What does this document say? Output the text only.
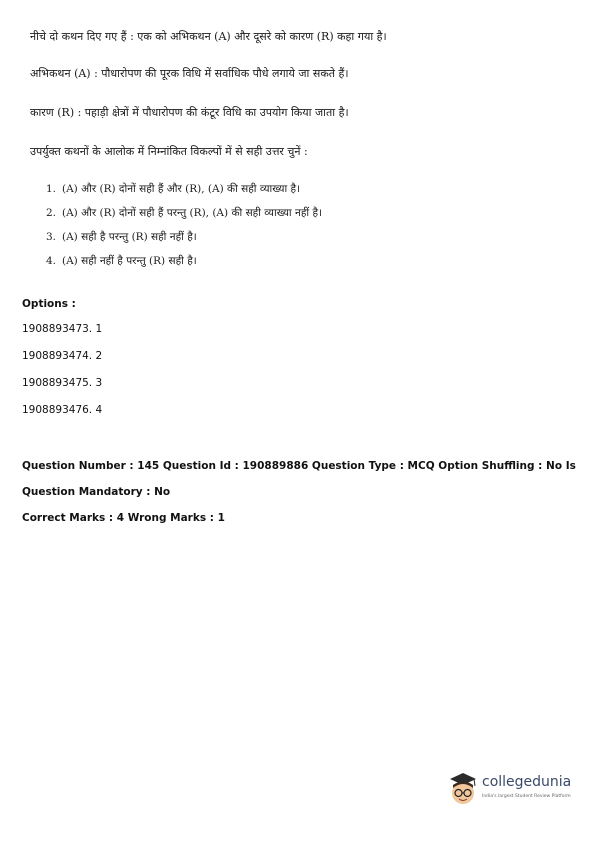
नीचे दो कथन दिए गए हैं : एक को अभिकथन (A) और दूसरे को कारण (R) कहा गया है।
अभिकथन (A) : पौधारोपण की पूरक विधि में सर्वाधिक पौधे लगाये जा सकते हैं।
कारण (R) : पहाड़ी क्षेत्रों में पौधारोपण की कंटूर विधि का उपयोग किया जाता है।
उपर्युक्त कथनों के आलोक में निम्नांकित विकल्पों में से सही उत्तर चुनें :
1. (A) और (R) दोनों सही हैं और (R), (A) की सही व्याख्या है।
2. (A) और (R) दोनों सही हैं परन्तु (R), (A) की सही व्याख्या नहीं है।
3. (A) सही है परन्तु (R) सही नहीं है।
4. (A) सही नहीं है परन्तु (R) सही है।
Options :
1908893473. 1
1908893474. 2
1908893475. 3
1908893476. 4
Question Number : 145 Question Id : 190889886 Question Type : MCQ Option Shuffling : No Is
Question Mandatory : No
Correct Marks : 4 Wrong Marks : 1
collegedunia
India's largest Student Review Platform
